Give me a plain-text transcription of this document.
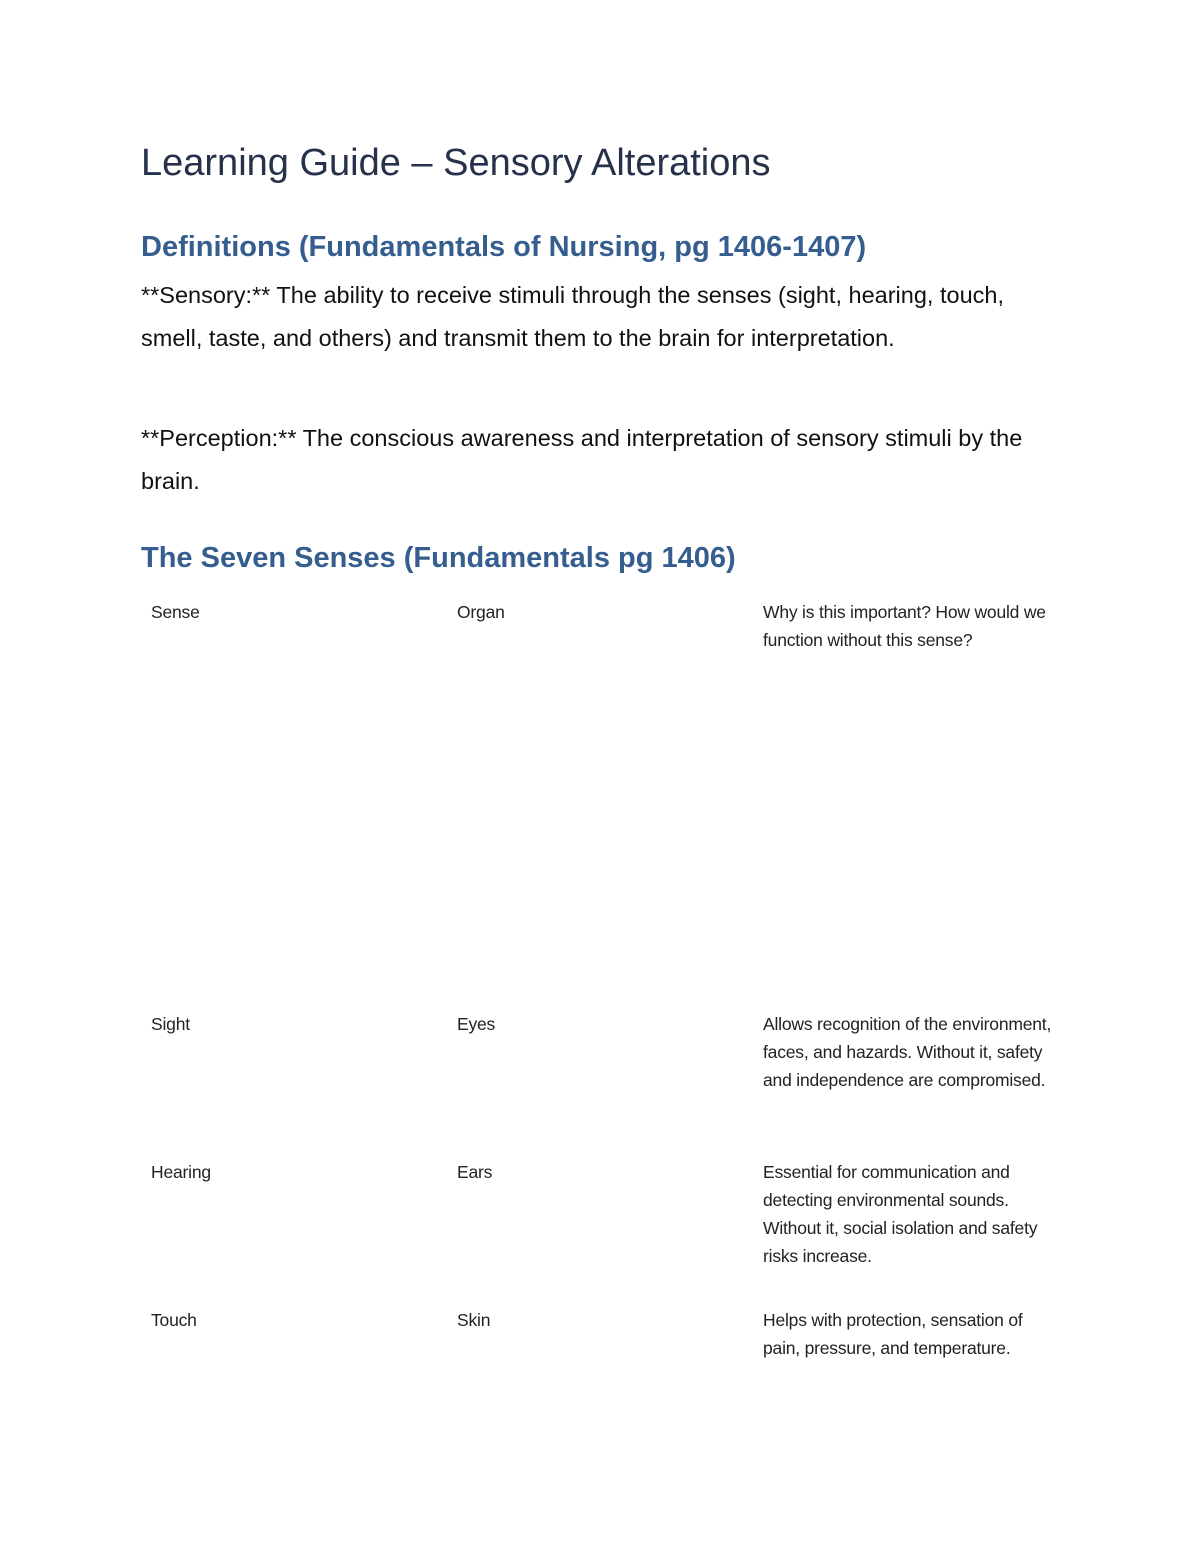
Learning Guide – Sensory Alterations
Definitions (Fundamentals of Nursing, pg 1406-1407)

**Sensory:** The ability to receive stimuli through the senses (sight, hearing, touch, smell, taste, and others) and transmit them to the brain for interpretation.

**Perception:** The conscious awareness and interpretation of sensory stimuli by the brain.

The Seven Senses (Fundamentals pg 1406)
Sense	Organ	Why is this important? How would we function without this sense?
Sight	Eyes	Allows recognition of the environment, faces, and hazards. Without it, safety and independence are compromised.
Hearing	Ears	Essential for communication and detecting environmental sounds. Without it, social isolation and safety risks increase.
Touch	Skin	Helps with protection, sensation of pain, pressure, and temperature.
